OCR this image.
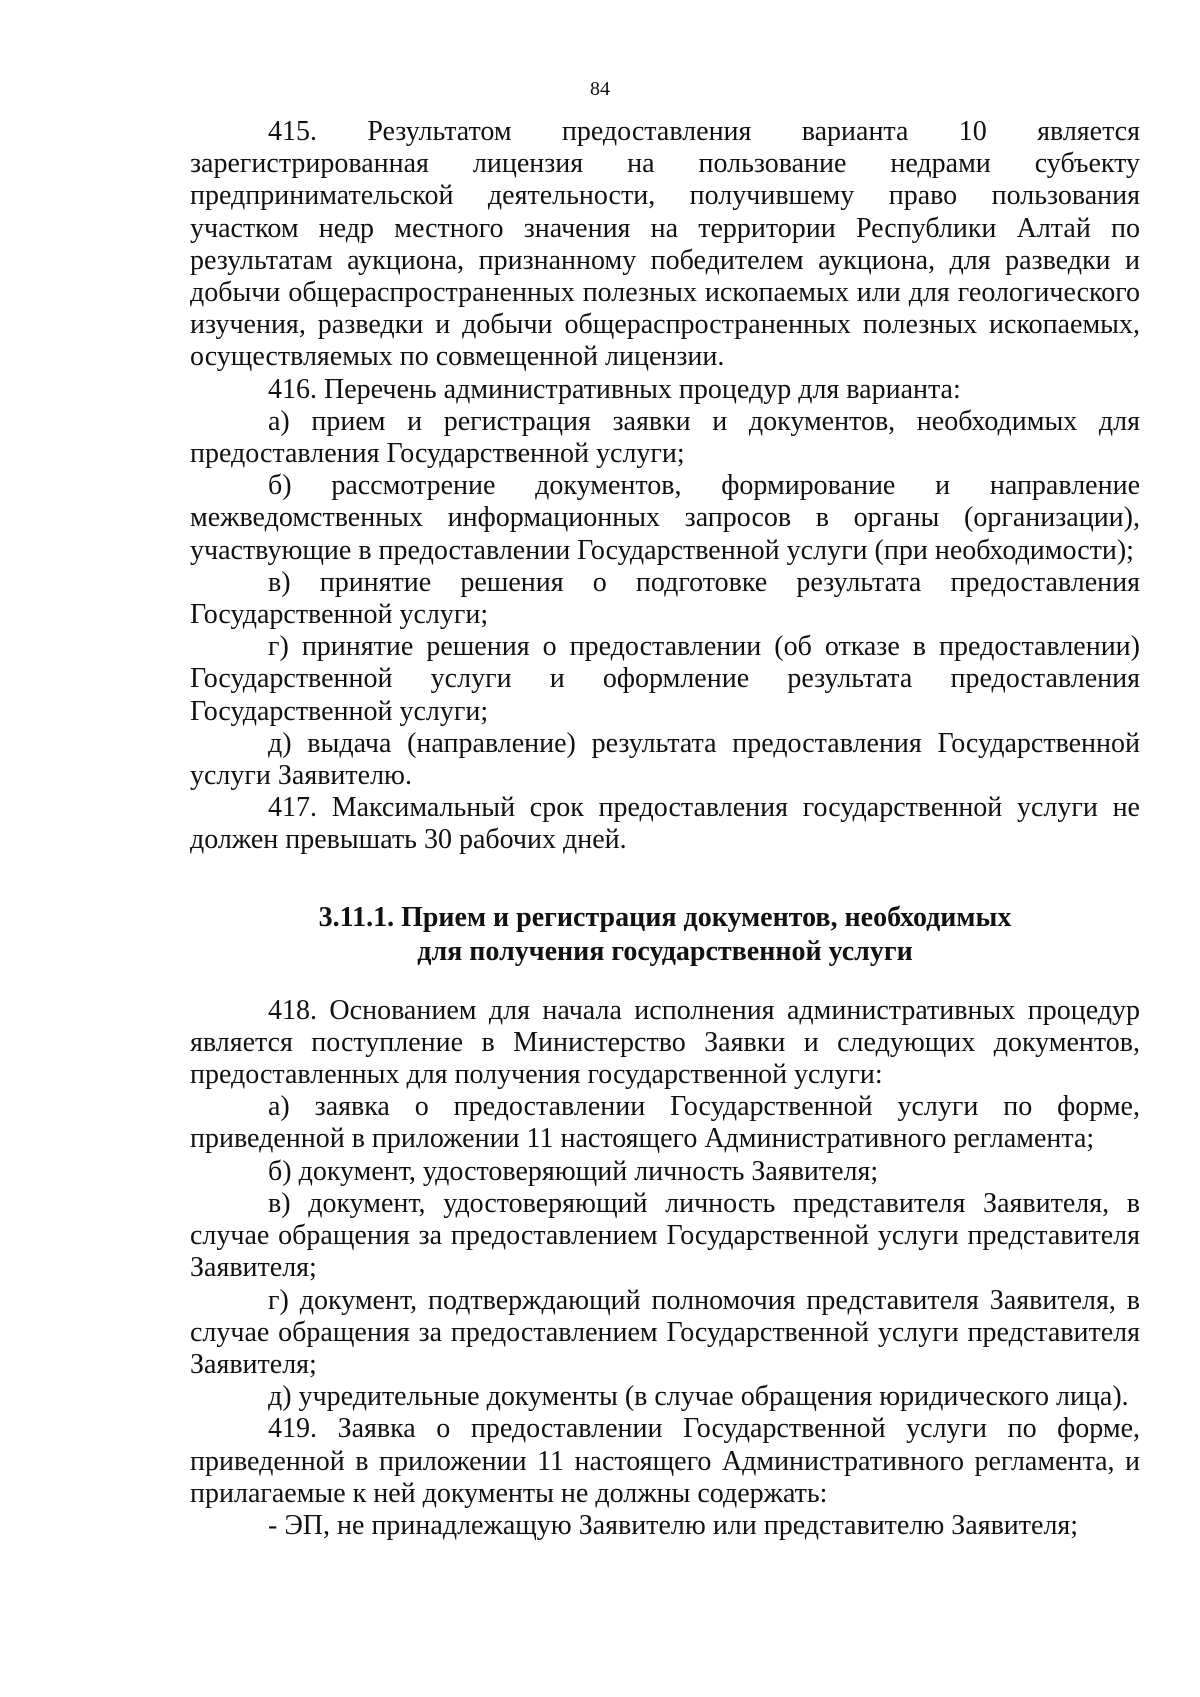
84

415. Результатом предоставления варианта 10 является зарегистрированная лицензия на пользование недрами субъекту предпринимательской деятельности, получившему право пользования участком недр местного значения на территории Республики Алтай по результатам аукциона, признанному победителем аукциона, для разведки и добычи общераспространенных полезных ископаемых или для геологического изучения, разведки и добычи общераспространенных полезных ископаемых, осуществляемых по совмещенной лицензии.

416. Перечень административных процедур для варианта:

а) прием и регистрация заявки и документов, необходимых для предоставления Государственной услуги;

б) рассмотрение документов, формирование и направление межведомственных информационных запросов в органы (организации), участвующие в предоставлении Государственной услуги (при необходимости);

в) принятие решения о подготовке результата предоставления Государственной услуги;

г) принятие решения о предоставлении (об отказе в предоставлении) Государственной услуги и оформление результата предоставления Государственной услуги;

д) выдача (направление) результата предоставления Государственной услуги Заявителю.

417. Максимальный срок предоставления государственной услуги не должен превышать 30 рабочих дней.

3.11.1. Прием и регистрация документов, необходимых
для получения государственной услуги

418. Основанием для начала исполнения административных процедур является поступление в Министерство Заявки и следующих документов, предоставленных для получения государственной услуги:

а) заявка о предоставлении Государственной услуги по форме, приведенной в приложении 11 настоящего Административного регламента;

б) документ, удостоверяющий личность Заявителя;

в) документ, удостоверяющий личность представителя Заявителя, в случае обращения за предоставлением Государственной услуги представителя Заявителя;

г) документ, подтверждающий полномочия представителя Заявителя, в случае обращения за предоставлением Государственной услуги представителя Заявителя;

д) учредительные документы (в случае обращения юридического лица).

419. Заявка о предоставлении Государственной услуги по форме, приведенной в приложении 11 настоящего Административного регламента, и прилагаемые к ней документы не должны содержать:

- ЭП, не принадлежащую Заявителю или представителю Заявителя;
